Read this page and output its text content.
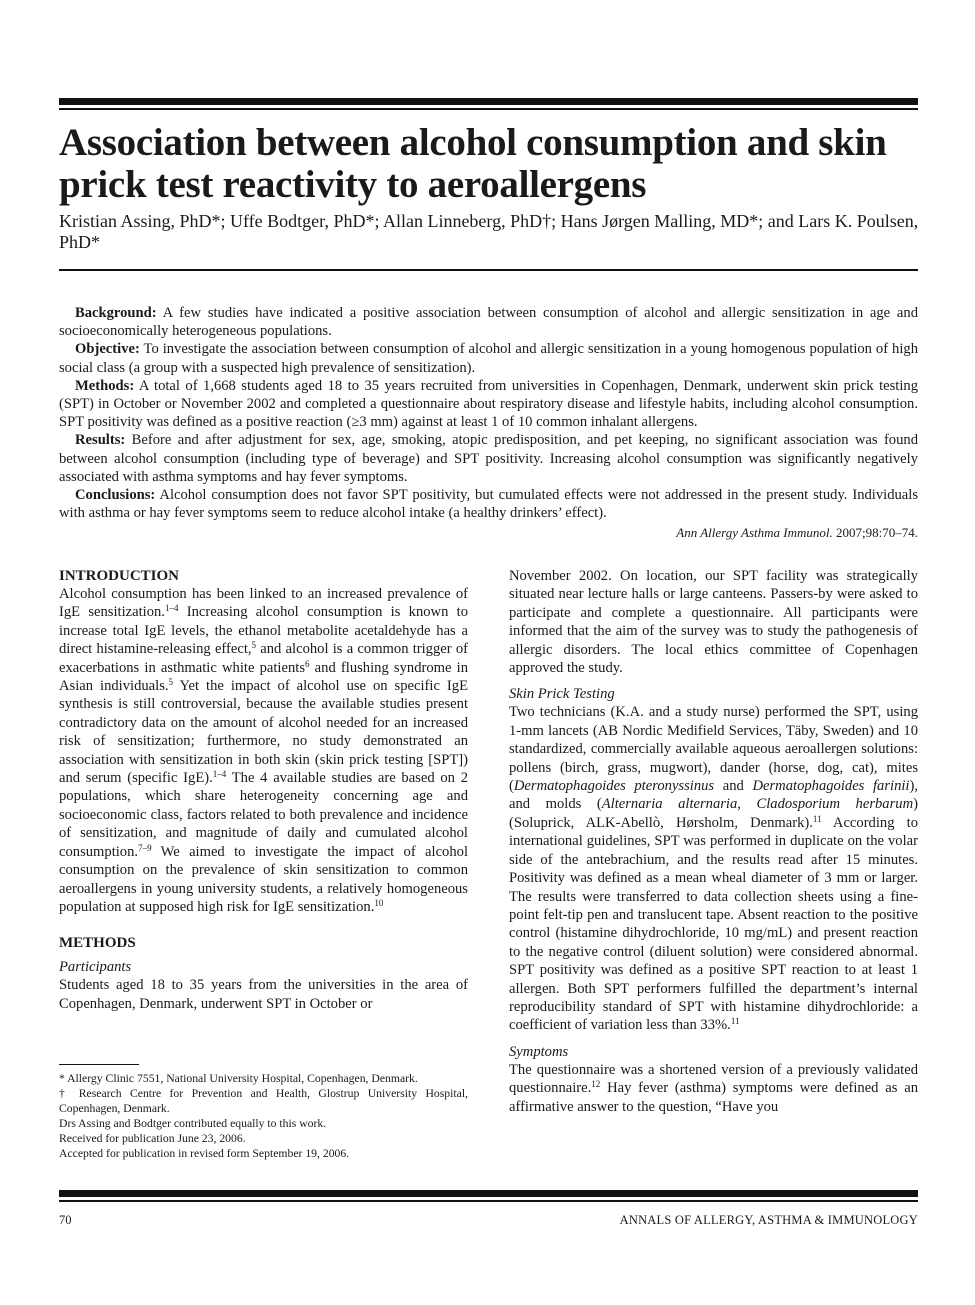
Association between alcohol consumption and skin prick test reactivity to aeroallergens

Kristian Assing, PhD*; Uffe Bodtger, PhD*; Allan Linneberg, PhD†; Hans Jørgen Malling, MD*; and Lars K. Poulsen, PhD*

Background: A few studies have indicated a positive association between consumption of alcohol and allergic sensitization in age and socioeconomically heterogeneous populations.

Objective: To investigate the association between consumption of alcohol and allergic sensitization in a young homogenous population of high social class (a group with a suspected high prevalence of sensitization).

Methods: A total of 1,668 students aged 18 to 35 years recruited from universities in Copenhagen, Denmark, underwent skin prick testing (SPT) in October or November 2002 and completed a questionnaire about respiratory disease and lifestyle habits, including alcohol consumption. SPT positivity was defined as a positive reaction (≥3 mm) against at least 1 of 10 common inhalant allergens.

Results: Before and after adjustment for sex, age, smoking, atopic predisposition, and pet keeping, no significant association was found between alcohol consumption (including type of beverage) and SPT positivity. Increasing alcohol consumption was significantly negatively associated with asthma symptoms and hay fever symptoms.

Conclusions: Alcohol consumption does not favor SPT positivity, but cumulated effects were not addressed in the present study. Individuals with asthma or hay fever symptoms seem to reduce alcohol intake (a healthy drinkers’ effect).

Ann Allergy Asthma Immunol. 2007;98:70–74.
INTRODUCTION

Alcohol consumption has been linked to an increased prevalence of IgE sensitization.$^{1-4}$ Increasing alcohol consumption is known to increase total IgE levels, the ethanol metabolite acetaldehyde has a direct histamine-releasing effect,$^5$ and alcohol is a common trigger of exacerbations in asthmatic white patients$^6$ and flushing syndrome in Asian individuals.$^5$ Yet the impact of alcohol use on specific IgE synthesis is still controversial, because the available studies present contradictory data on the amount of alcohol needed for an increased risk of sensitization; furthermore, no study demonstrated an association with sensitization in both skin (skin prick testing [SPT]) and serum (specific IgE).$^{1-4}$ The 4 available studies are based on 2 populations, which share heterogeneity concerning age and socioeconomic class, factors related to both prevalence and incidence of sensitization, and magnitude of daily and cumulated alcohol consumption.$^{7-9}$ We aimed to investigate the impact of alcohol consumption on the prevalence of skin sensitization to common aeroallergens in young university students, a relatively homogeneous population at supposed high risk for IgE sensitization.$^{10}$

METHODS
Participants

Students aged 18 to 35 years from the universities in the area of Copenhagen, Denmark, underwent SPT in October or

* Allergy Clinic 7551, National University Hospital, Copenhagen, Denmark.
† Research Centre for Prevention and Health, Glostrup University Hospital, Copenhagen, Denmark.
Drs Assing and Bodtger contributed equally to this work.
Received for publication June 23, 2006.
Accepted for publication in revised form September 19, 2006.

November 2002. On location, our SPT facility was strategically situated near lecture halls or large canteens. Passers-by were asked to participate and complete a questionnaire. All participants were informed that the aim of the survey was to study the pathogenesis of allergic disorders. The local ethics committee of Copenhagen approved the study.

Skin Prick Testing

Two technicians (K.A. and a study nurse) performed the SPT, using 1-mm lancets (AB Nordic Medifield Services, Täby, Sweden) and 10 standardized, commercially available aqueous aeroallergen solutions: pollens (birch, grass, mugwort), dander (horse, dog, cat), mites (Dermatophagoides pteronyssinus and Dermatophagoides farinii), and molds (Alternaria alternaria, Cladosporium herbarum) (Soluprick, ALK-Abellò, Hørsholm, Denmark).$^{11}$ According to international guidelines, SPT was performed in duplicate on the volar side of the antebrachium, and the results read after 15 minutes. Positivity was defined as a mean wheal diameter of 3 mm or larger. The results were transferred to data collection sheets using a fine-point felt-tip pen and translucent tape. Absent reaction to the positive control (histamine dihydrochloride, 10 mg/mL) and present reaction to the negative control (diluent solution) were considered abnormal. SPT positivity was defined as a positive SPT reaction to at least 1 allergen. Both SPT performers fulfilled the department’s internal reproducibility standard of SPT with histamine dihydrochloride: a coefficient of variation less than 33%.$^{11}$

Symptoms

The questionnaire was a shortened version of a previously validated questionnaire.$^{12}$ Hay fever (asthma) symptoms were defined as an affirmative answer to the question, “Have you

70	ANNALS OF ALLERGY, ASTHMA & IMMUNOLOGY
